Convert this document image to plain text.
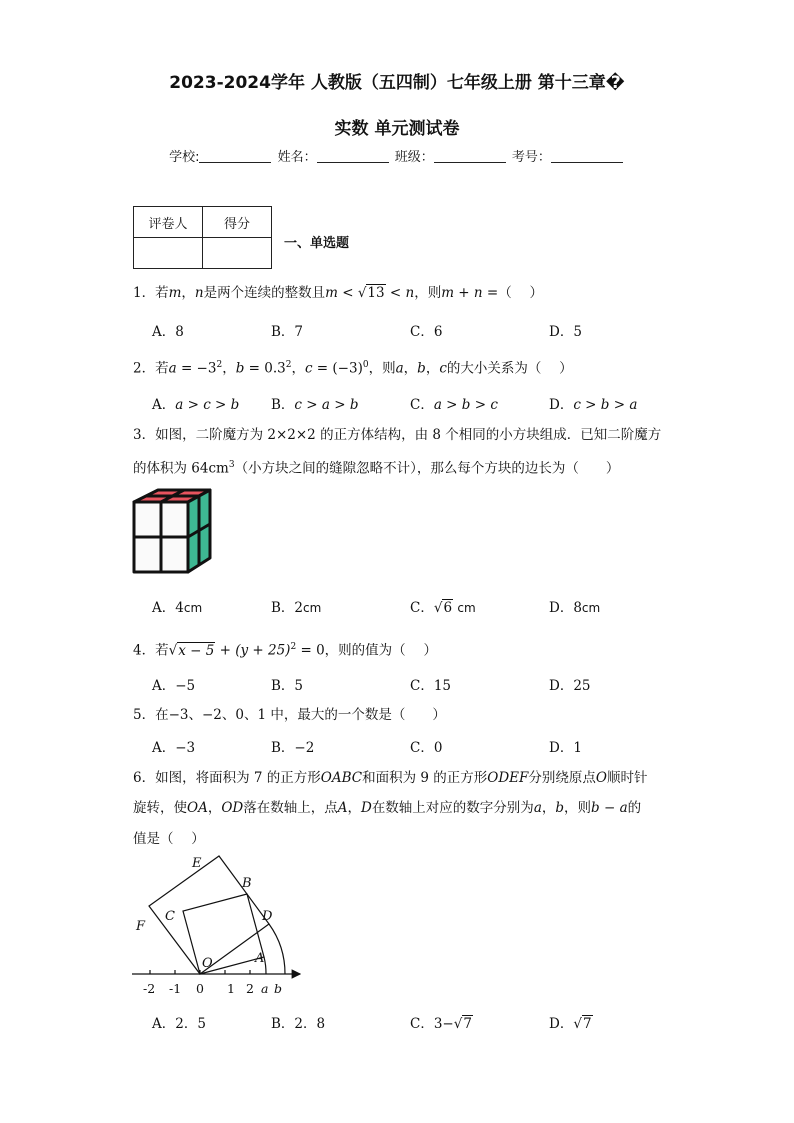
2023-2024学年 人教版（五四制）七年级上册 第十三章�
实数 单元测试卷
学校:	姓名：	班级：	考号：
评卷人	得分

一、单选题
1．若m，n是两个连续的整数且m < √13 < n，则m + n =（　 ）
A．8	B．7	C．6	D．5
2．若$a = -3^2$，$b = 0.3^2$，$c = (-3)^0$，则a，b，c的大小关系为（　 ）
A．a > c > b B．c > a > b	C．a > b > c	D．c > b > a
3．如图，二阶魔方为 2×2×2 的正方体结构，由 8 个相同的小方块组成．已知二阶魔方
的体积为 $64cm^3$（小方块之间的缝隙忽略不计），那么每个方块的边长为（　　）
A．4cm	B．2cm	C．√6 cm	D．8cm
4．若$√x - 5 + (y + 25)^2 = 0$，则的值为（　 ）
A．−5	B．5	C．15	D．25
5．在−3、−2、0、1 中，最大的一个数是（　　）
A．−3	B．−2	C．0	D．1
6．如图，将面积为 7 的正方形OABC和面积为 9 的正方形ODEF分别绕原点O顺时针
旋转，使OA，OD落在数轴上，点A，D在数轴上对应的数字分别为a，b，则b − a的
值是（　 ）
E
B
C	D
F
O	A
-2 -1 0 1 2 a b
A．2．5	B．2．8	C．3−√7	D．√7
